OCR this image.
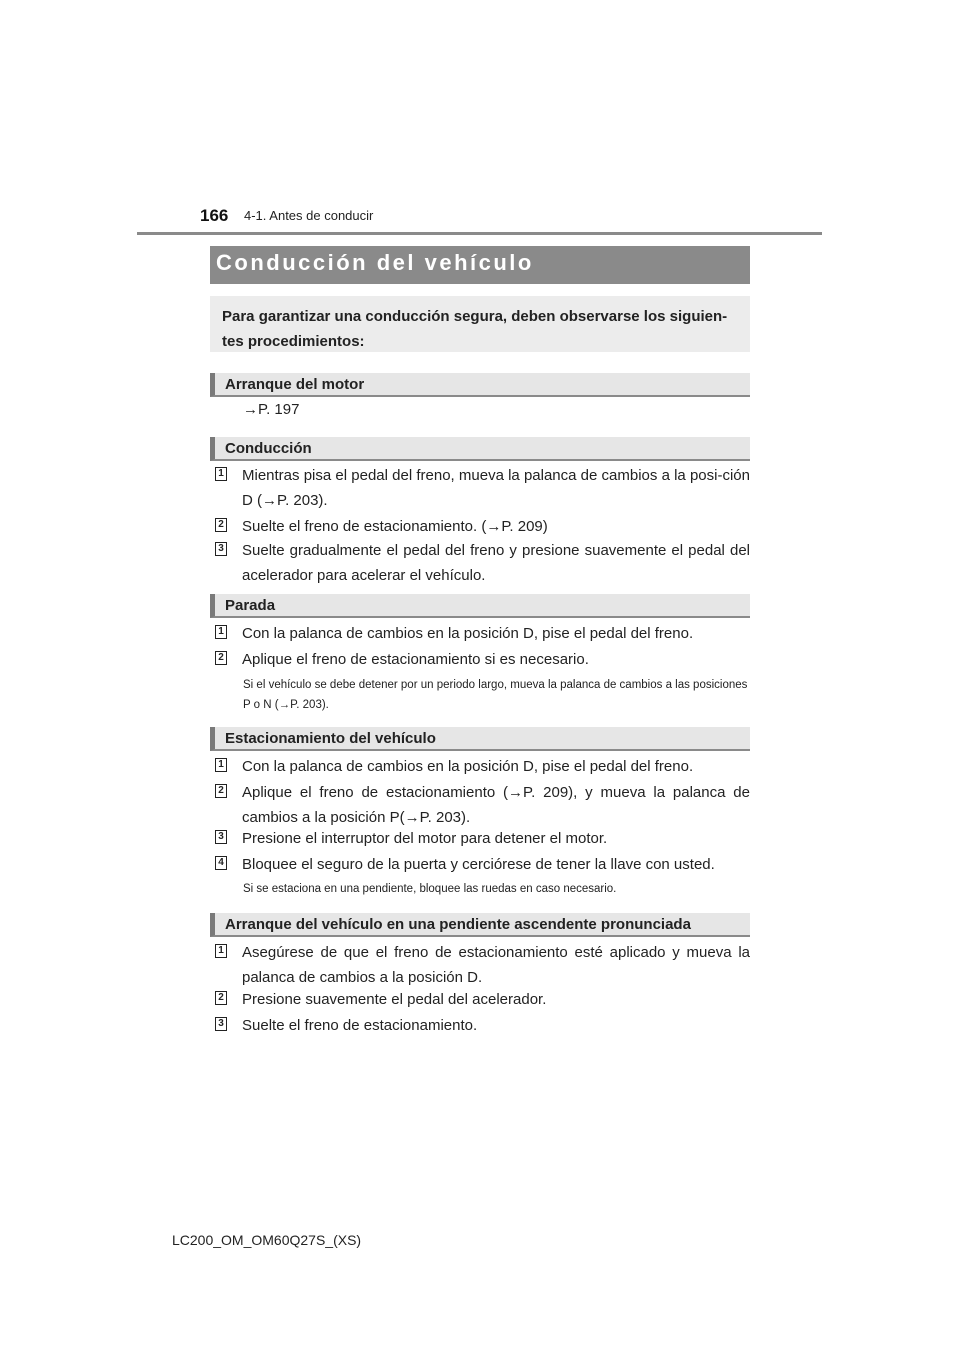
166 4-1. Antes de conducir
Conducción del vehículo
Para garantizar una conducción segura, deben observarse los siguien-tes procedimientos:
Arranque del motor
→P. 197
Conducción
1 Mientras pisa el pedal del freno, mueva la palanca de cambios a la posi-ción D (→P. 203).
2 Suelte el freno de estacionamiento. (→P. 209)
3 Suelte gradualmente el pedal del freno y presione suavemente el pedal del acelerador para acelerar el vehículo.
Parada
1 Con la palanca de cambios en la posición D, pise el pedal del freno.
2 Aplique el freno de estacionamiento si es necesario.
Si el vehículo se debe detener por un periodo largo, mueva la palanca de cambios a las posiciones P o N (→P. 203).
Estacionamiento del vehículo
1 Con la palanca de cambios en la posición D, pise el pedal del freno.
2 Aplique el freno de estacionamiento (→P. 209), y mueva la palanca de cambios a la posición P(→P. 203).
3 Presione el interruptor del motor para detener el motor.
4 Bloquee el seguro de la puerta y cerciórese de tener la llave con usted.
Si se estaciona en una pendiente, bloquee las ruedas en caso necesario.
Arranque del vehículo en una pendiente ascendente pronunciada
1 Asegúrese de que el freno de estacionamiento esté aplicado y mueva la palanca de cambios a la posición D.
2 Presione suavemente el pedal del acelerador.
3 Suelte el freno de estacionamiento.
LC200_OM_OM60Q27S_(XS)
